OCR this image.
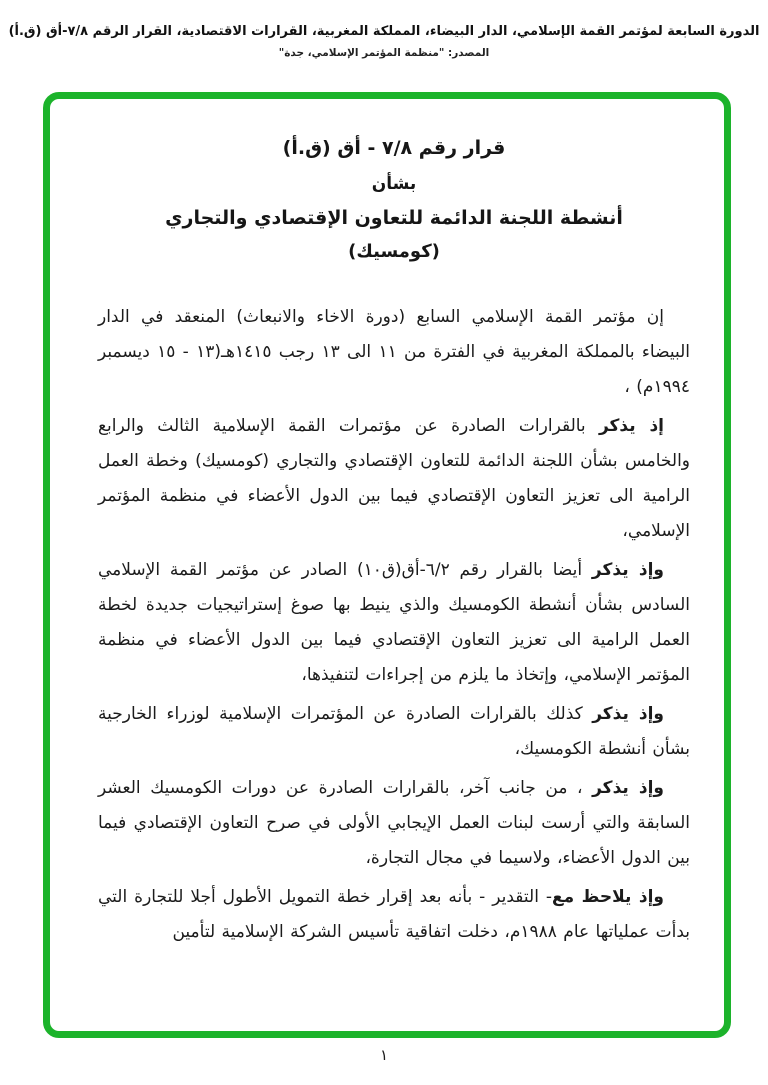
الدورة السابعة لمؤتمر القمة الإسلامي، الدار البيضاء، المملكة المغربية، القرارات الاقتصادية، القرار الرقم ٧/٨-أق (ق.أ)
المصدر: "منظمة المؤتمر الإسلامي، جدة"
قرار رقم ٧/٨ - أق (ق.أ)
بشأن
أنشطة اللجنة الدائمة للتعاون الإقتصادي والتجاري
(كومسيك)

إن مؤتمر القمة الإسلامي السابع (دورة الاخاء والانبعاث) المنعقد في الدار البيضاء بالمملكة المغربية في الفترة من ١١ الى ١٣ رجب ١٤١٥هـ(١٣ - ١٥ ديسمبر ١٩٩٤م) ،

إذ يذكر بالقرارات الصادرة عن مؤتمرات القمة الإسلامية الثالث والرابع والخامس بشأن اللجنة الدائمة للتعاون الإقتصادي والتجاري (كومسيك) وخطة العمل الرامية الى تعزيز التعاون الإقتصادي فيما بين الدول الأعضاء في منظمة المؤتمر الإسلامي،

وإذ يذكر أيضا بالقرار رقم ٦/٢-أق(ق١٠) الصادر عن مؤتمر القمة الإسلامي السادس بشأن أنشطة الكومسيك والذي ينيط بها صوغ إستراتيجيات جديدة لخطة العمل الرامية الى تعزيز التعاون الإقتصادي فيما بين الدول الأعضاء في منظمة المؤتمر الإسلامي، وإتخاذ ما يلزم من إجراءات لتنفيذها،

وإذ يذكر كذلك بالقرارات الصادرة عن المؤتمرات الإسلامية لوزراء الخارجية بشأن أنشطة الكومسيك،

وإذ يذكر ، من جانب آخر، بالقرارات الصادرة عن دورات الكومسيك العشر السابقة والتي أرست لبنات العمل الإيجابي الأولى في صرح التعاون الإقتصادي فيما بين الدول الأعضاء، ولاسيما في مجال التجارة،

وإذ يلاحظ مع- التقدير - بأنه بعد إقرار خطة التمويل الأطول أجلا للتجارة التي بدأت عملياتها عام ١٩٨٨م، دخلت اتفاقية تأسيس الشركة الإسلامية لتأمين

١
